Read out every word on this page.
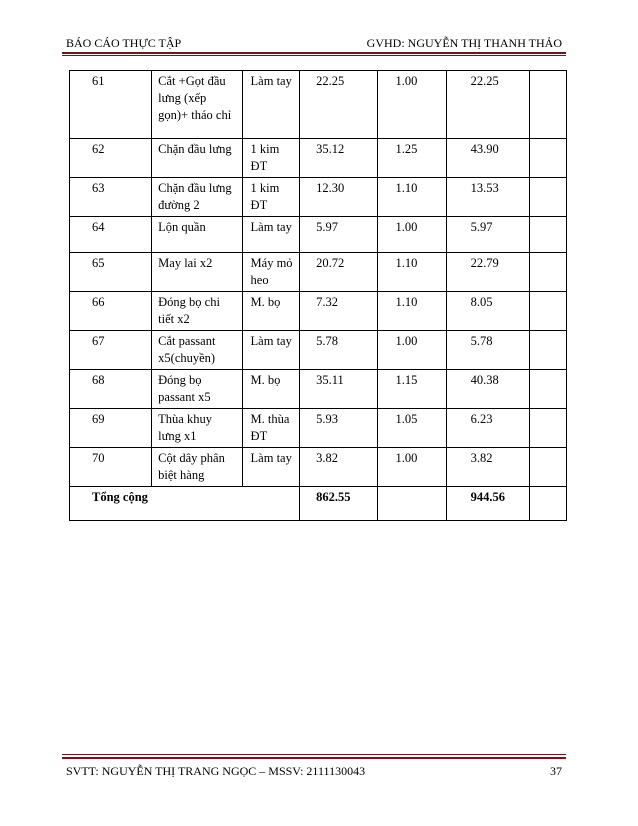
BÁO CÁO THỰC TẬP	GVHD: NGUYỄN THỊ THANH THẢO
61	Cắt +Gọt đầu lưng (xếp gọn)+ tháo chỉ	Làm tay	22.25	1.00	22.25	
62	Chặn đầu lưng	1 kim ĐT	35.12	1.25	43.90	
63	Chặn đầu lưng đường 2	1 kim ĐT	12.30	1.10	13.53	
64	Lộn quần	Làm tay	5.97	1.00	5.97	
65	May lai x2	Máy mỏ heo	20.72	1.10	22.79	
66	Đóng bọ chi tiết x2	M. bọ	7.32	1.10	8.05	
67	Cắt passant x5(chuyền)	Làm tay	5.78	1.00	5.78	
68	Đóng bọ passant x5	M. bọ	35.11	1.15	40.38	
69	Thùa khuy lưng x1	M. thùa ĐT	5.93	1.05	6.23	
70	Cột dây phân biệt hàng	Làm tay	3.82	1.00	3.82	
Tổng cộng			862.55		944.56	
SVTT: NGUYỄN THỊ TRANG NGỌC – MSSV: 2111130043	37
